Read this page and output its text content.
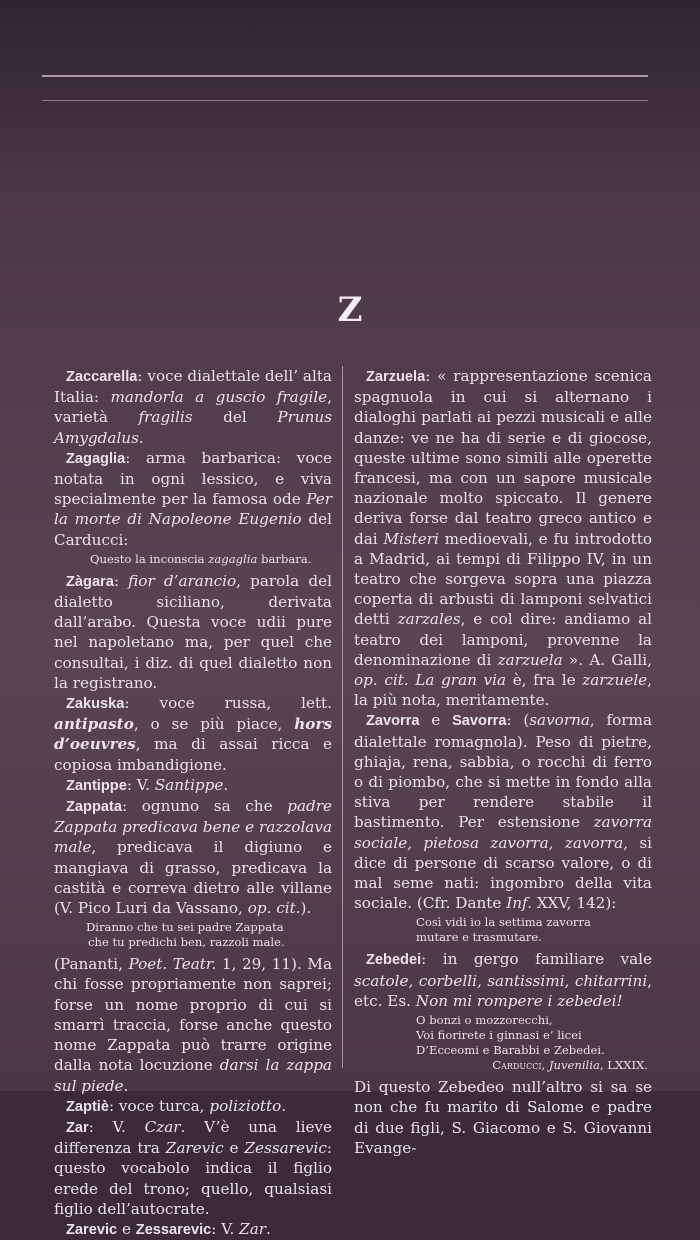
Z

Zaccarella: voce dialettale dell’ alta Italia: mandorla a guscio fragile, varietà fragilis del Prunus Amygdalus.

Zagaglia: arma barbarica: voce notata in ogni lessico, e viva specialmente per la famosa ode Per la morte di Napoleone Eugenio del Carducci:

Questo la inconscia zagaglia barbara.

Zàgara: fior d’arancio, parola del dialetto siciliano, derivata dall’arabo. Questa voce udii pure nel napoletano ma, per quel che consultai, i diz. di quel dialetto non la registrano.

Zakuska: voce russa, lett. antipasto, o se più piace, hors d’oeuvres, ma di assai ricca e copiosa imbandigione.

Zantippe: V. Santippe.

Zappata: ognuno sa che padre Zappata predicava bene e razzolava male, predicava il digiuno e mangiava di grasso, predicava la castità e correva dietro alle villane (V. Pico Luri da Vassano, op. cit.).

Diranno che tu sei padre Zappata
che tu predichi ben, razzoli male.

(Pananti, Poet. Teatr. 1, 29, 11). Ma chi fosse propriamente non saprei; forse un nome proprio di cui si smarrì traccia, forse anche questo nome Zappata può trarre origine dalla nota locuzione darsi la zappa sul piede.

Zaptiè: voce turca, poliziotto.

Zar: V. Czar. V’è una lieve differenza tra Zarevic e Zessarevic: questo vocabolo indica il figlio erede del trono; quello, qualsiasi figlio dell’autocrate.

Zarevic e Zessarevic: V. Zar.

Zarzuela: « rappresentazione scenica spagnuola in cui si alternano i dialoghi parlati ai pezzi musicali e alle danze: ve ne ha di serie e di giocose, queste ultime sono simili alle operette francesi, ma con un sapore musicale nazionale molto spiccato. Il genere deriva forse dal teatro greco antico e dai Misteri medioevali, e fu introdotto a Madrid, ai tempi di Filippo IV, in un teatro che sorgeva sopra una piazza coperta di arbusti di lamponi selvatici detti zarzales, e col dire: andiamo al teatro dei lamponi, provenne la denominazione di zarzuela ». A. Galli, op. cit. La gran via è, fra le zarzuele, la più nota, meritamente.

Zavorra e Savorra: (savorna, forma dialettale romagnola). Peso di pietre, ghiaja, rena, sabbia, o rocchi di ferro o di piombo, che si mette in fondo alla stiva per rendere stabile il bastimento. Per estensione zavorra sociale, pietosa zavorra, zavorra, si dice di persone di scarso valore, o di mal seme nati: ingombro della vita sociale. (Cfr. Dante Inf. XXV, 142):

Così vidi io la settima zavorra
mutare e trasmutare.

Zebedei: in gergo familiare vale scatole, corbelli, santissimi, chitarrini, etc. Es. Non mi rompere i zebedei!

O bonzi o mozzorecchi,
Voi fiorirete i ginnasi e’ licei
D’Ecceomi e Barabbi e Zebedei.
Carducci, Juvenilia, LXXIX.

Di questo Zebedeo null’altro si sa se non che fu marito di Salome e padre di due figli, S. Giacomo e S. Giovanni Evange-
